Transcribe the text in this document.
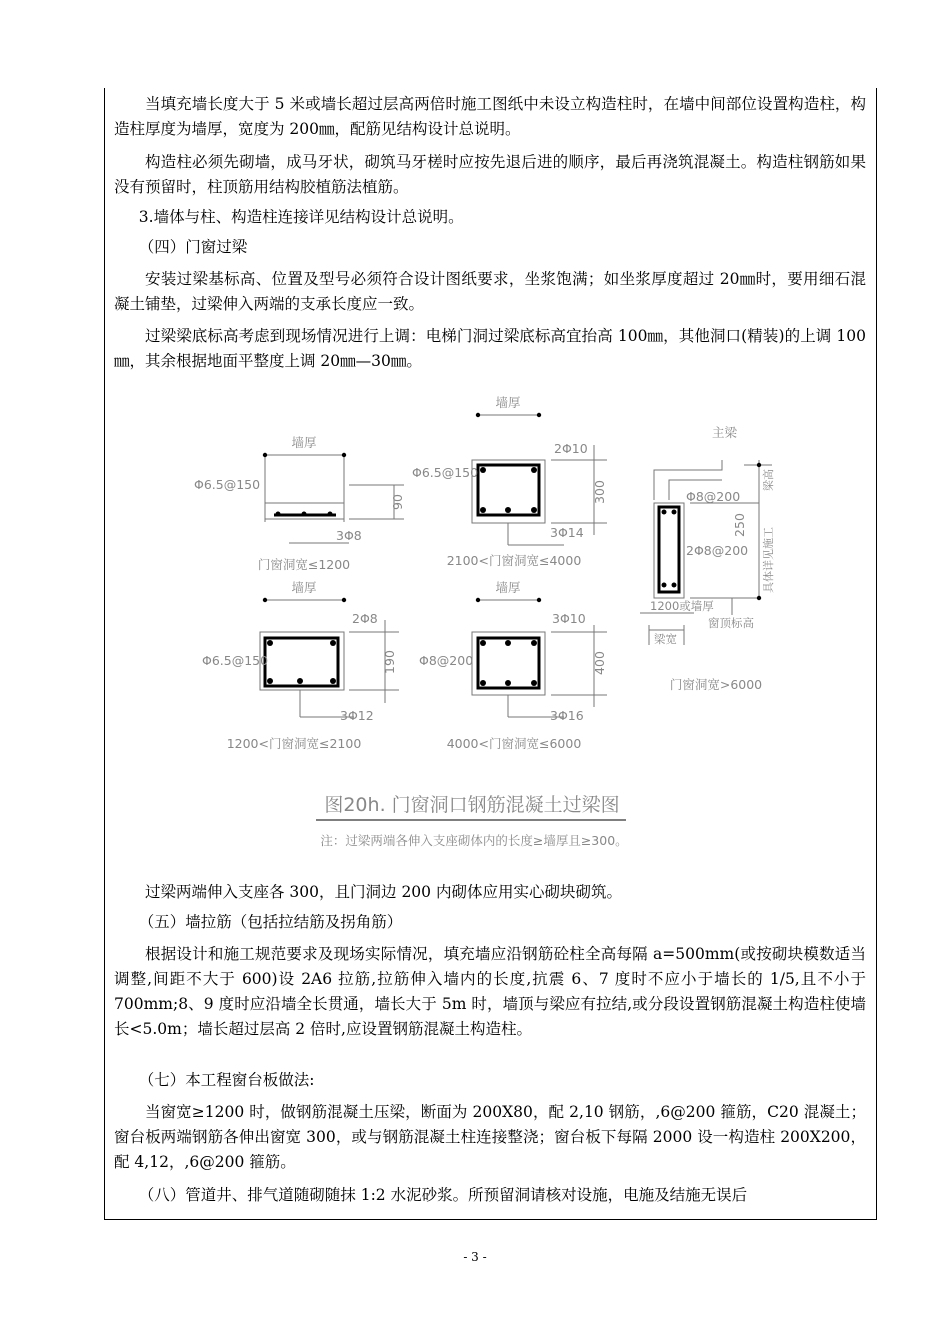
当填充墙长度大于 5 米或墙长超过层高两倍时施工图纸中未设立构造柱时，在墙中间部位设置构造柱，构造柱厚度为墙厚，宽度为 200㎜，配筋见结构设计总说明。

构造柱必须先砌墙，成马牙状，砌筑马牙槎时应按先退后进的顺序，最后再浇筑混凝土。构造柱钢筋如果没有预留时，柱顶筋用结构胶植筋法植筋。

3.墙体与柱、构造柱连接详见结构设计总说明。

（四）门窗过梁

安装过梁基标高、位置及型号必须符合设计图纸要求，坐浆饱满；如坐浆厚度超过 20㎜时，要用细石混凝土铺垫，过梁伸入两端的支承长度应一致。

过梁梁底标高考虑到现场情况进行上调：电梯门洞过梁底标高宜抬高 100㎜，其他洞口(精装)的上调 100㎜，其余根据地面平整度上调 20㎜—30㎜。

墙厚
Φ6.5@150
90
3Φ8
门窗洞宽≤1200
墙厚
2Φ10
Φ6.5@150
300
3Φ14
2100<门窗洞宽≤4000
墙厚
2Φ8
Φ6.5@150	190
3Φ12
1200<门窗洞宽≤2100
墙厚
3Φ10
Φ8@200	400
3Φ16
4000<门窗洞宽≤6000
主梁
Φ8@200
2Φ8@200
250
梁高
具体详见施工
1200或墙厚
梁宽
窗顶标高
门窗洞宽>6000
图20h. 门窗洞口钢筋混凝土过梁图
注：过梁两端各伸入支座砌体内的长度≥墙厚且≥300。

过梁两端伸入支座各 300，且门洞边 200 内砌体应用实心砌块砌筑。

（五）墙拉筋（包括拉结筋及拐角筋）

根据设计和施工规范要求及现场实际情况，填充墙应沿钢筋砼柱全高每隔 a=500mm(或按砌块模数适当调整,间距不大于 600)设 2A6 拉筋,拉筋伸入墙内的长度,抗震 6、7 度时不应小于墙长的 1/5,且不小于 700mm;8、9 度时应沿墙全长贯通，墙长大于 5m 时，墙顶与梁应有拉结,或分段设置钢筋混凝土构造柱使墙长<5.0m；墙长超过层高 2 倍时,应设置钢筋混凝土构造柱。

（七）本工程窗台板做法:

当窗宽≥1200 时，做钢筋混凝土压梁，断面为 200X80，配 2,10 钢筋，,6@200 箍筋，C20 混凝土；窗台板两端钢筋各伸出窗宽 300，或与钢筋混凝土柱连接整浇；窗台板下每隔 2000 设一构造柱 200X200，配 4,12，,6@200 箍筋。

（八）管道井、排气道随砌随抹 1:2 水泥砂浆。所预留洞请核对设施，电施及结施无误后

- 3 -
